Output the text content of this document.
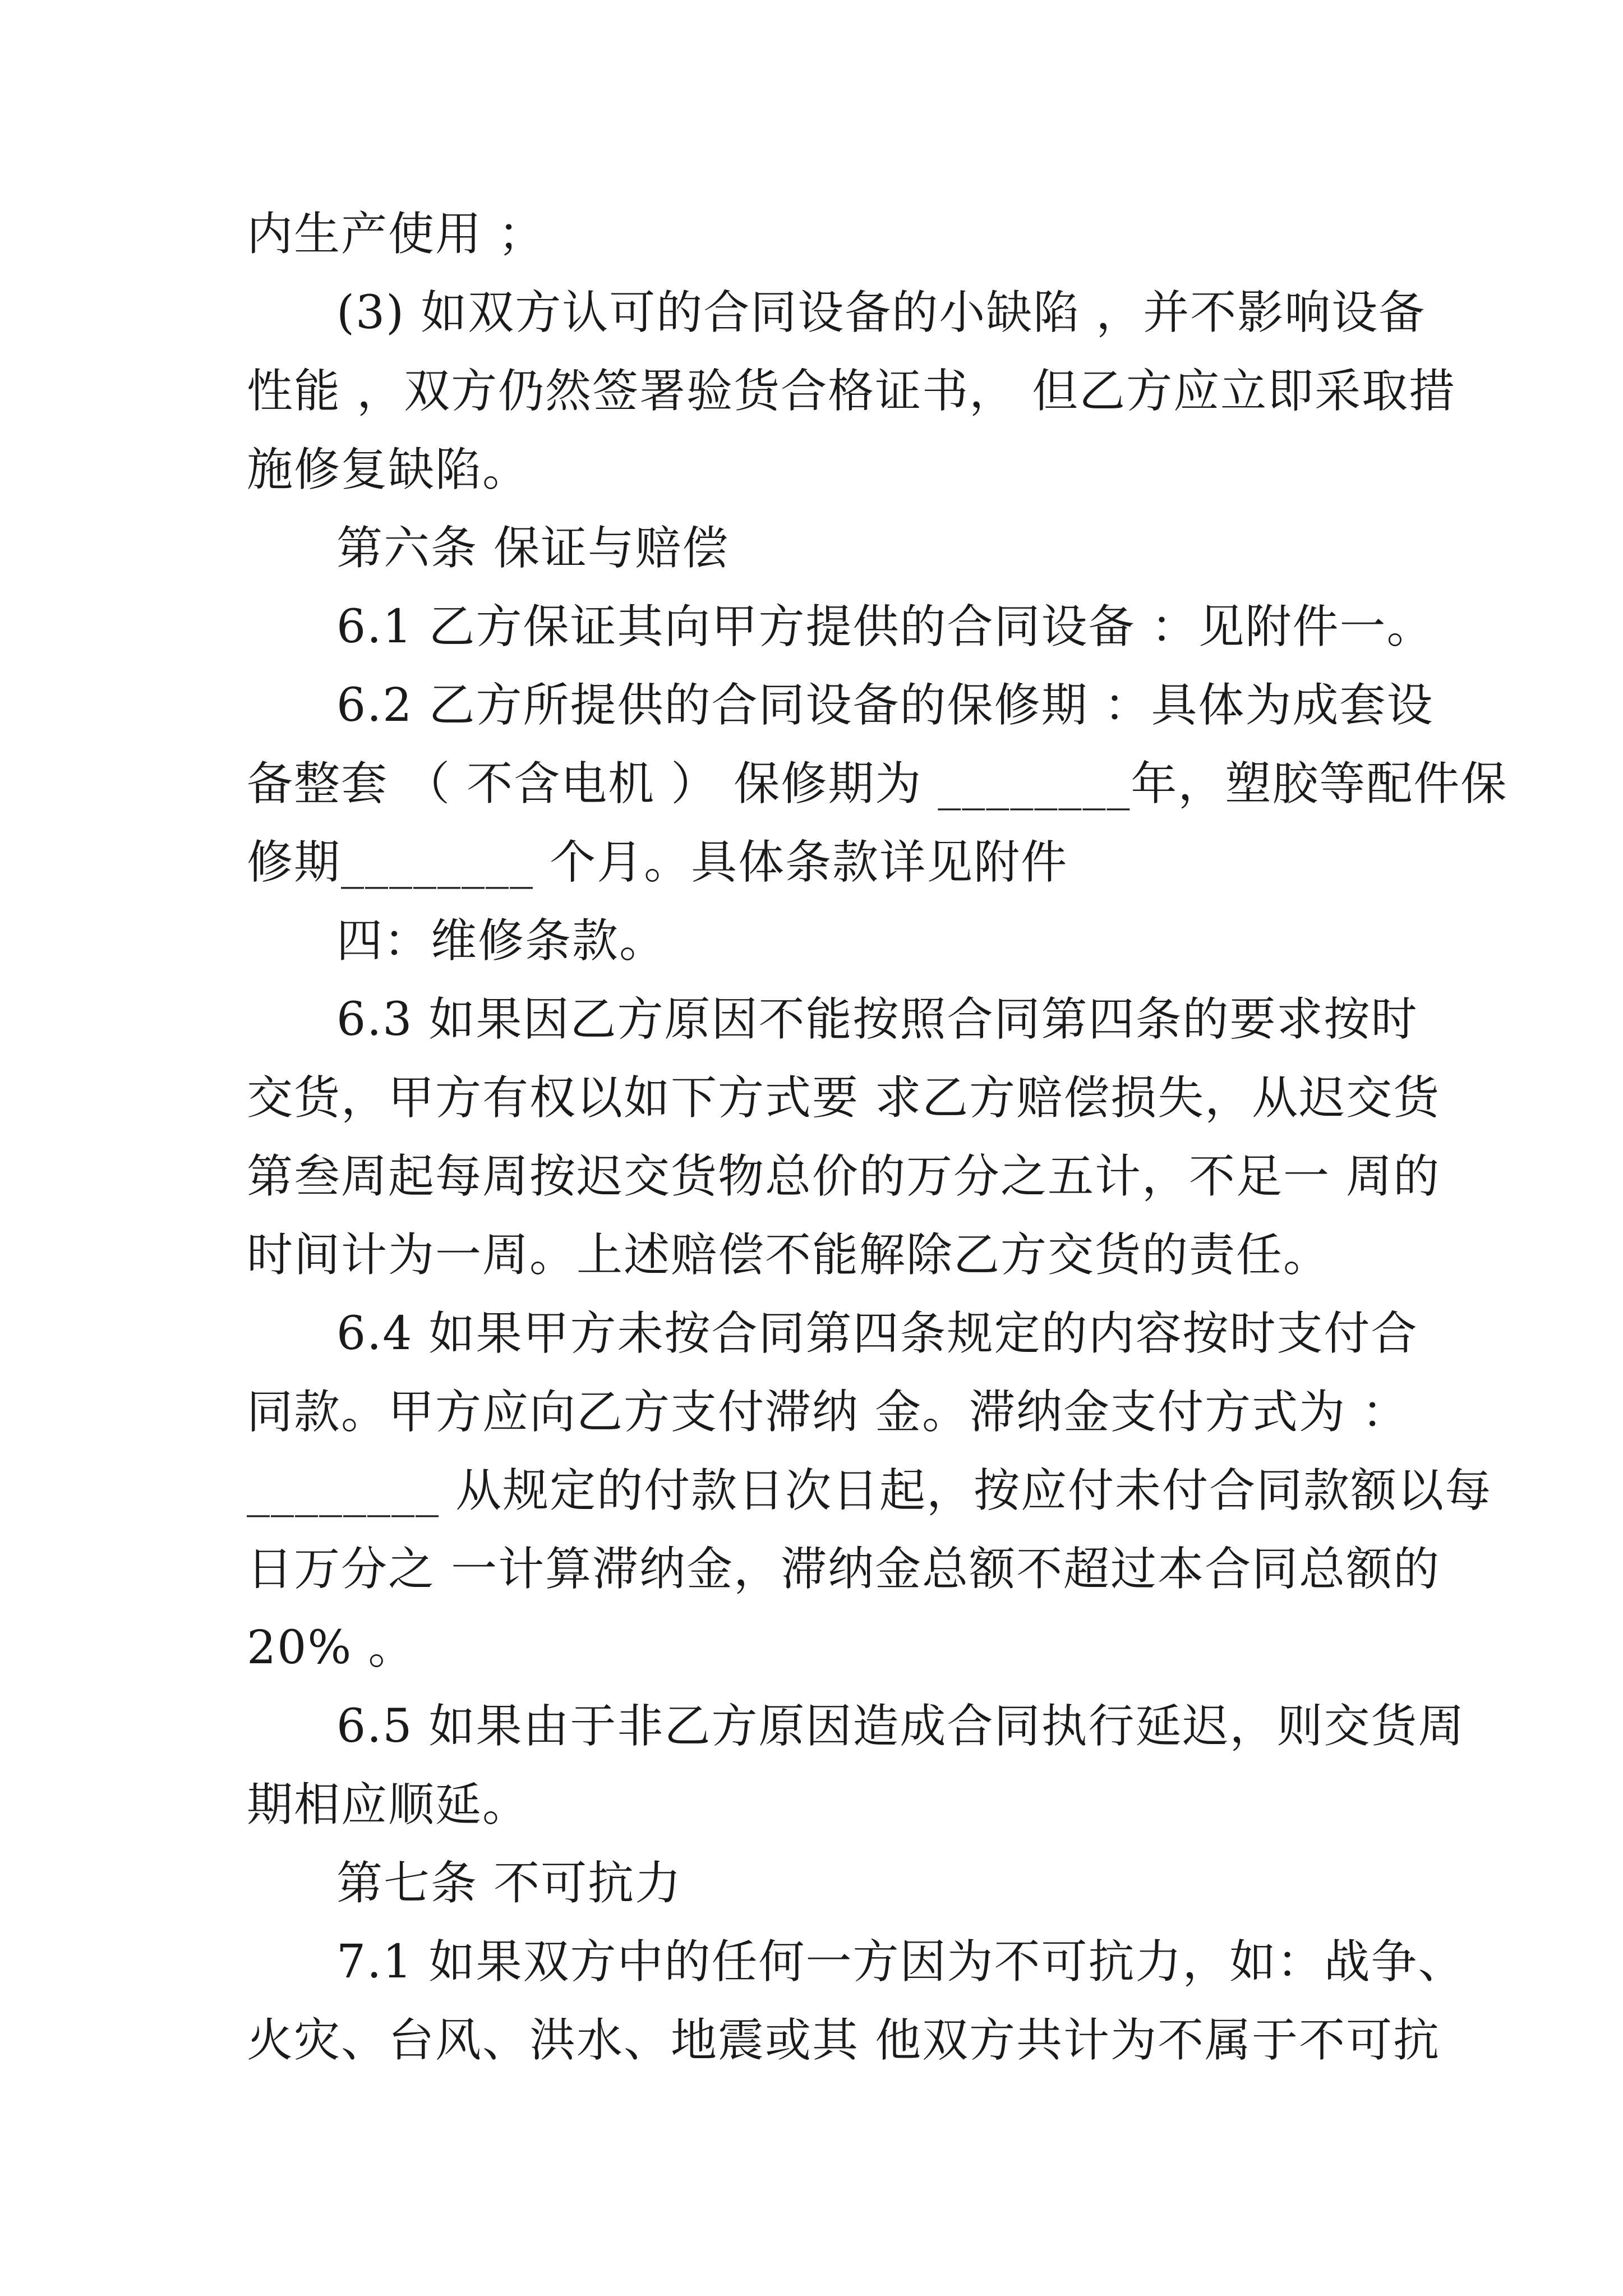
内生产使用 ；
(3) 如双方认可的合同设备的小缺陷 ，并不影响设备
性能 ，双方仍然签署验货合格证书， 但乙方应立即采取措
施修复缺陷。
第六条 保证与赔偿
6.1 乙方保证其向甲方提供的合同设备 ：见附件一。
6.2 乙方所提供的合同设备的保修期 ：具体为成套设
备整套 （ 不含电机 ） 保修期为 ________年，塑胶等配件保
修期________ 个月。具体条款详见附件
四：维修条款。
6.3 如果因乙方原因不能按照合同第四条的要求按时
交货，甲方有权以如下方式要 求乙方赔偿损失，从迟交货
第叁周起每周按迟交货物总价的万分之五计，不足一 周的
时间计为一周。上述赔偿不能解除乙方交货的责任。
6.4 如果甲方未按合同第四条规定的内容按时支付合
同款。甲方应向乙方支付滞纳 金。滞纳金支付方式为 ：
________ 从规定的付款日次日起，按应付未付合同款额以每
日万分之 一计算滞纳金，滞纳金总额不超过本合同总额的
20% 。
6.5 如果由于非乙方原因造成合同执行延迟，则交货周
期相应顺延。
第七条 不可抗力
7.1 如果双方中的任何一方因为不可抗力，如：战争、
火灾、台风、洪水、地震或其 他双方共计为不属于不可抗
